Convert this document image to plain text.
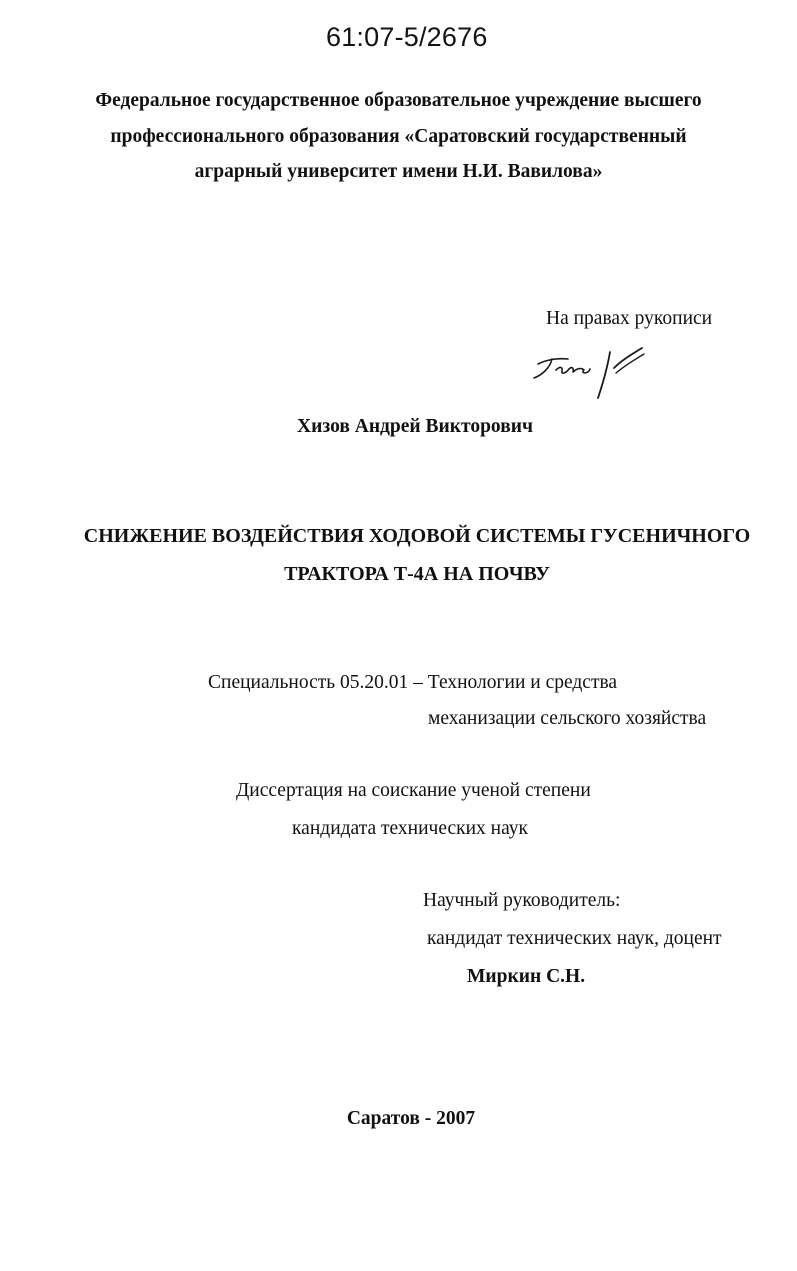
61:07-5/2676
Федеральное государственное образовательное учреждение высшего
профессионального образования «Саратовский государственный
аграрный университет имени Н.И. Вавилова»
На правах рукописи
Хизов Андрей Викторович
СНИЖЕНИЕ ВОЗДЕЙСТВИЯ ХОДОВОЙ СИСТЕМЫ ГУСЕНИЧНОГО
ТРАКТОРА Т-4А НА ПОЧВУ
Специальность 05.20.01 – Технологии и средства
механизации сельского хозяйства
Диссертация на соискание ученой степени
кандидата технических наук
Научный руководитель:
кандидат технических наук, доцент
Миркин С.Н.
Саратов - 2007
